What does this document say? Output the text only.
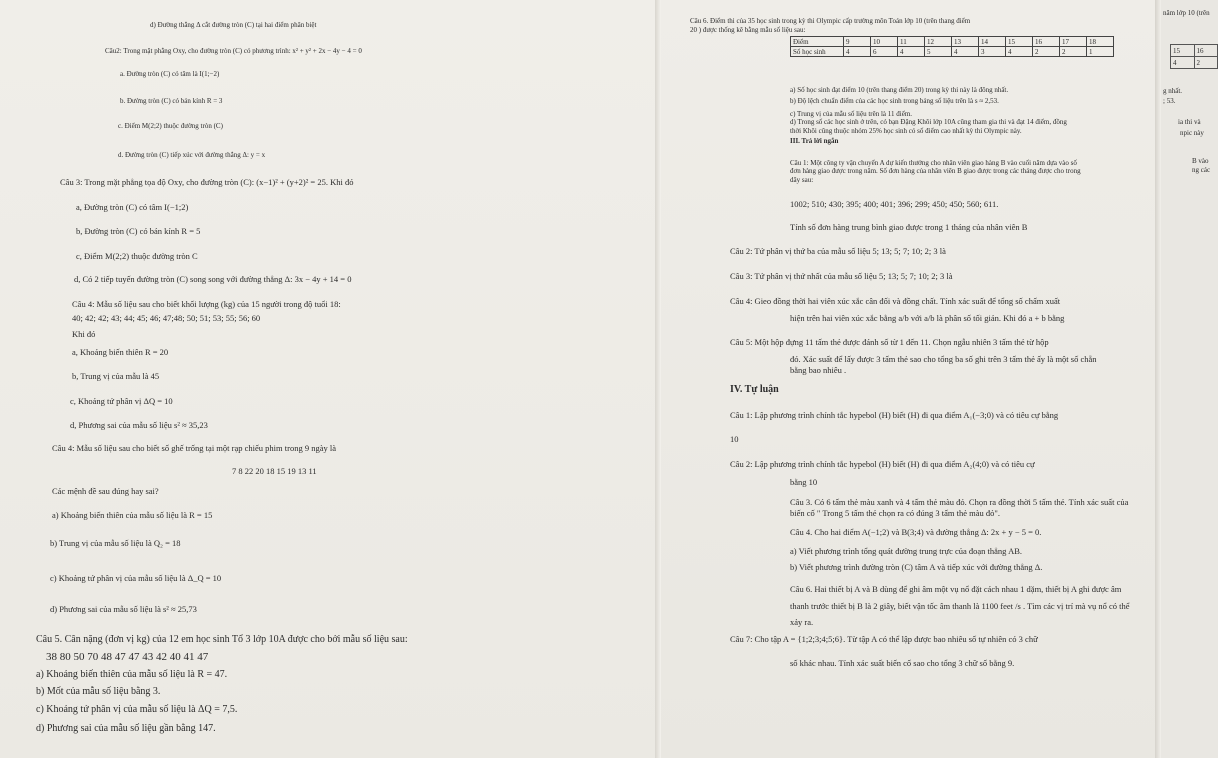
d) Đường thẳng Δ cắt đường tròn (C) tại hai điểm phân biệt
Câu2: Trong mặt phẳng Oxy, cho đường tròn (C) có phương trình: x² + y² + 2x − 4y − 4 = 0
a. Đường tròn (C) có tâm là I(1;−2)
b. Đường tròn (C) có bán kính R = 3
c. Điểm M(2;2) thuộc đường tròn (C)
d. Đường tròn (C) tiếp xúc với đường thẳng Δ: y = x
Câu 3: Trong mặt phẳng tọa độ Oxy, cho đường tròn (C): (x−1)² + (y+2)² = 25. Khi đó
a, Đường tròn (C) có tâm I(−1;2)
b, Đường tròn (C) có bán kính R = 5
c, Điểm M(2;2) thuộc đường tròn C
d, Có 2 tiếp tuyến đường tròn (C) song song với đường thẳng Δ: 3x − 4y + 14 = 0
Câu 4: Mẫu số liệu sau cho biết khối lượng (kg) của 15 người trong độ tuổi 18:
40; 42; 42; 43; 44; 45; 46; 47;48; 50; 51; 53; 55; 56; 60
Khi đó
a, Khoảng biến thiên R = 20
b, Trung vị của mẫu là 45
c, Khoảng tứ phân vị ΔQ = 10
d, Phương sai của mẫu số liệu s² ≈ 35,23
Câu 4: Mẫu số liệu sau cho biết số ghế trống tại một rạp chiếu phim trong 9 ngày là
7 8 22 20 18 15 19 13 11
Các mệnh đề sau đúng hay sai?
a) Khoảng biến thiên của mẫu số liệu là R = 15
b) Trung vị của mẫu số liệu là Q₂ = 18
c) Khoảng tứ phân vị của mẫu số liệu là Δ_Q = 10
d) Phương sai của mẫu số liệu là s² ≈ 25,73
Câu 5. Cân nặng (đơn vị kg) của 12 em học sinh Tổ 3 lớp 10A được cho bởi mẫu số liệu sau:
38 80 50 70 48 47 47 43 42 40 41 47
a) Khoảng biến thiên của mẫu số liệu là R = 47.
b) Mốt của mẫu số liệu bằng 3.
c) Khoảng tứ phân vị của mẫu số liệu là ΔQ = 7,5.
d) Phương sai của mẫu số liệu gần bằng 147.
Câu 6. Điểm thi của 35 học sinh trong kỳ thi Olympic cấp trường môn Toán lớp 10 (trên thang điểm
20 ) được thống kê bằng mẫu số liệu sau:
Điểm	9	10	11	12	13	14	15	16	17	18
Số học sinh	4	6	4	5	4	3	4	2	2	1
a) Số học sinh đạt điểm 10 (trên thang điểm 20) trong kỳ thi này là đông nhất.
b) Độ lệch chuẩn điểm của các học sinh trong bảng số liệu trên là s ≈ 2,53.
c) Trung vị của mẫu số liệu trên là 11 điểm.
d) Trong số các học sinh ở trên, có bạn Đặng Khôi lớp 10A cũng tham gia thi và đạt 14 điểm, đồng
thời Khôi cũng thuộc nhóm 25% học sinh có số điểm cao nhất kỳ thi Olympic này.
III. Trả lời ngắn
Câu 1: Một công ty vận chuyển A dự kiến thưởng cho nhân viên giao hàng B vào cuối năm dựa vào số
đơn hàng giao được trong năm. Số đơn hàng của nhân viên B giao được trong các tháng được cho trong
dãy sau:
1002; 510; 430; 395; 400; 401; 396; 299; 450; 450; 560; 611.
Tính số đơn hàng trung bình giao được trong 1 tháng của nhân viên B
Câu 2: Tứ phân vị thứ ba của mẫu số liệu 5; 13; 5; 7; 10; 2; 3 là
Câu 3: Tứ phân vị thứ nhất của mẫu số liệu 5; 13; 5; 7; 10; 2; 3 là
Câu 4: Gieo đồng thời hai viên xúc xắc cân đối và đồng chất. Tính xác suất để tổng số chấm xuất
hiện trên hai viên xúc xắc bằng a/b với a/b là phân số tối giản. Khi đó a + b bằng
Câu 5: Một hộp đựng 11 tấm thẻ được đánh số từ 1 đến 11. Chọn ngẫu nhiên 3 tấm thẻ từ hộp
đó. Xác suất để lấy được 3 tấm thẻ sao cho tổng ba số ghi trên 3 tấm thẻ ấy là một số chẵn
bằng bao nhiêu .
IV. Tự luận
Câu 1: Lập phương trình chính tắc hypebol (H) biết (H) đi qua điểm A₁(−3;0) và có tiêu cự bằng
10
Câu 2: Lập phương trình chính tắc hypebol (H) biết (H) đi qua điểm A₂(4;0) và có tiêu cự
bằng 10
Câu 3. Có 6 tấm thẻ màu xanh và 4 tấm thẻ màu đỏ. Chọn ra đồng thời 5 tấm thẻ. Tính xác suất của
biến cố " Trong 5 tấm thẻ chọn ra có đúng 3 tấm thẻ màu đỏ".
Câu 4. Cho hai điểm A(−1;2) và B(3;4) và đường thẳng Δ: 2x + y − 5 = 0.
a) Viết phương trình tổng quát đường trung trực của đoạn thẳng AB.
b) Viết phương trình đường tròn (C) tâm A và tiếp xúc với đường thẳng Δ.
Câu 6. Hai thiết bị A và B dùng để ghi âm một vụ nổ đặt cách nhau 1 dặm, thiết bị A ghi được âm
thanh trước thiết bị B là 2 giây, biết vận tốc âm thanh là 1100 feet /s . Tìm các vị trí mà vụ nổ có thể
xảy ra.
Câu 7: Cho tập A = {1;2;3;4;5;6}. Từ tập A có thể lập được bao nhiêu số tự nhiên có 3 chữ
số khác nhau. Tính xác suất biến cố sao cho tổng 3 chữ số bằng 9.
năm lớp 10 (trên
15	16
4	2
g nhất.
; 53.
ia thi và
npic này
B vào
ng các
